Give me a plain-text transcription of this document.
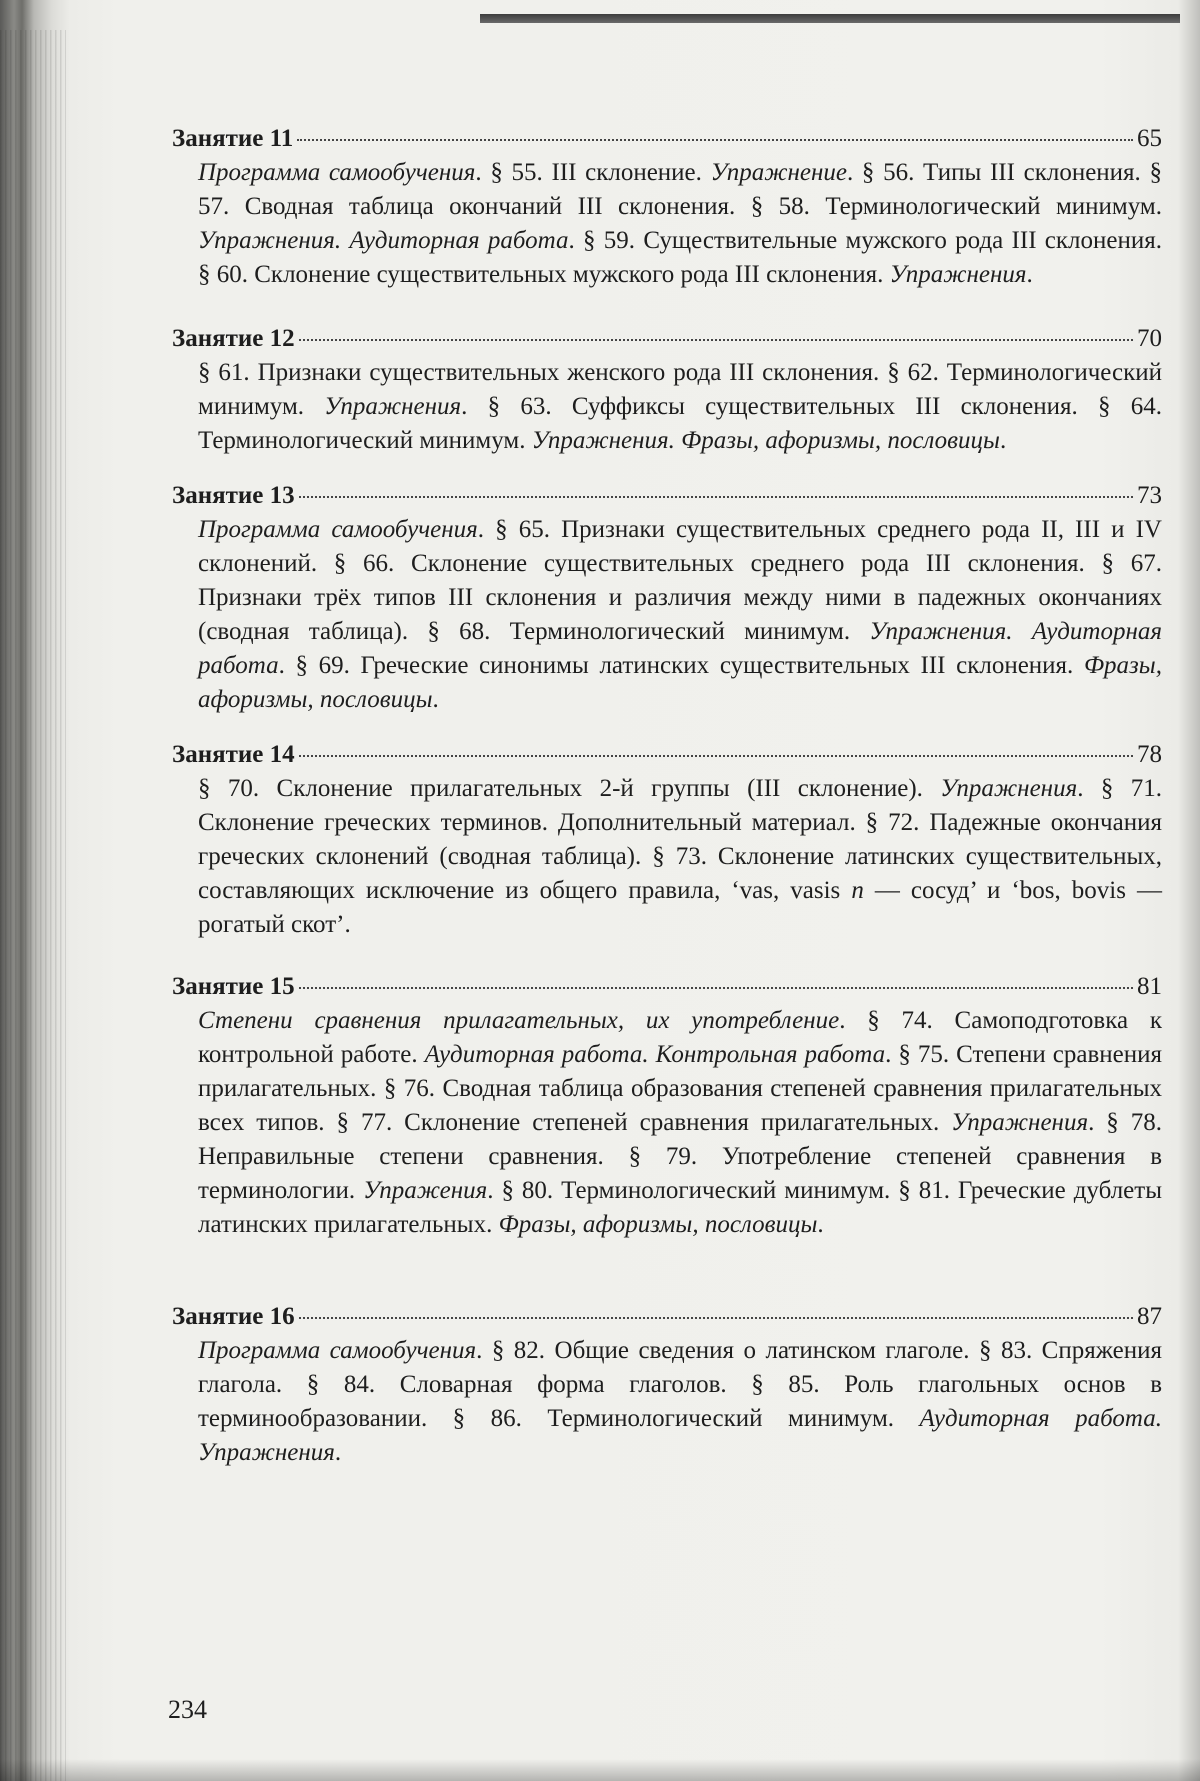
Занятие 11	65
Программа самообучения. § 55. III склонение. Упражнение. § 56. Типы III склонения. § 57. Сводная таблица окончаний III склонения. § 58. Терминологический минимум. Упражнения. Аудиторная работа. § 59. Существительные мужского рода III склонения. § 60. Склонение существительных мужского рода III склонения. Упражнения.
Занятие 12	70
§ 61. Признаки существительных женского рода III склонения. § 62. Терминологический минимум. Упражнения. § 63. Суффиксы существительных III склонения. § 64. Терминологический минимум. Упражнения. Фразы, афоризмы, пословицы.
Занятие 13	73
Программа самообучения. § 65. Признаки существительных среднего рода II, III и IV склонений. § 66. Склонение существительных среднего рода III склонения. § 67. Признаки трёх типов III склонения и различия между ними в падежных окончаниях (сводная таблица). § 68. Терминологический минимум. Упражнения. Аудиторная работа. § 69. Греческие синонимы латинских существительных III склонения. Фразы, афоризмы, пословицы.
Занятие 14	78
§ 70. Склонение прилагательных 2-й группы (III склонение). Упражнения. § 71. Склонение греческих терминов. Дополнительный материал. § 72. Падежные окончания греческих склонений (сводная таблица). § 73. Склонение латинских существительных, составляющих исключение из общего правила, ‘vas, vasis n — сосуд’ и ‘bos, bovis — рогатый скот’.
Занятие 15	81
Степени сравнения прилагательных, их употребление. § 74. Самоподготовка к контрольной работе. Аудиторная работа. Контрольная работа. § 75. Степени сравнения прилагательных. § 76. Сводная таблица образования степеней сравнения прилагательных всех типов. § 77. Склонение степеней сравнения прилагательных. Упражнения. § 78. Неправильные степени сравнения. § 79. Употребление степеней сравнения в терминологии. Упражения. § 80. Терминологический минимум. § 81. Греческие дублеты латинских прилагательных. Фразы, афоризмы, пословицы.
Занятие 16	87
Программа самообучения. § 82. Общие сведения о латинском глаголе. § 83. Спряжения глагола. § 84. Словарная форма глаголов. § 85. Роль глагольных основ в терминообразовании. § 86. Терминологический минимум. Аудиторная работа. Упражнения.
234
